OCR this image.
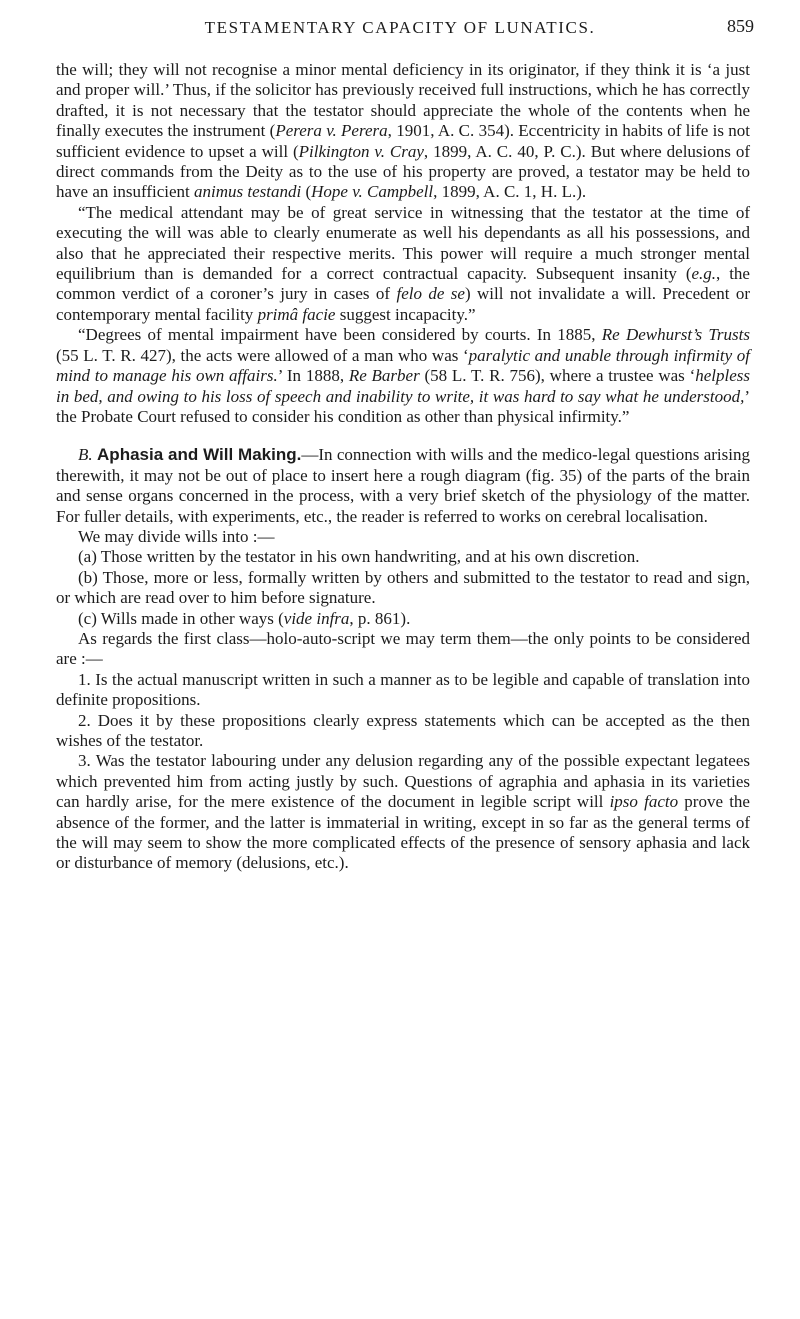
TESTAMENTARY CAPACITY OF LUNATICS.	859

the will; they will not recognise a minor mental deficiency in its originator, if they think it is ‘a just and proper will.’ Thus, if the solicitor has previously received full instructions, which he has correctly drafted, it is not necessary that the testator should appreciate the whole of the contents when he finally executes the instrument (Perera v. Perera, 1901, A. C. 354). Eccentricity in habits of life is not sufficient evidence to upset a will (Pilkington v. Cray, 1899, A. C. 40, P. C.). But where delusions of direct commands from the Deity as to the use of his property are proved, a testator may be held to have an insufficient animus testandi (Hope v. Campbell, 1899, A. C. 1, H. L.).

“The medical attendant may be of great service in witnessing that the testator at the time of executing the will was able to clearly enumerate as well his dependants as all his possessions, and also that he appreciated their respective merits. This power will require a much stronger mental equilibrium than is demanded for a correct contractual capacity. Subsequent insanity (e.g., the common verdict of a coroner’s jury in cases of felo de se) will not invalidate a will. Precedent or contemporary mental facility primâ facie suggest incapacity.”

“Degrees of mental impairment have been considered by courts. In 1885, Re Dewhurst’s Trusts (55 L. T. R. 427), the acts were allowed of a man who was ‘paralytic and unable through infirmity of mind to manage his own affairs.’ In 1888, Re Barber (58 L. T. R. 756), where a trustee was ‘helpless in bed, and owing to his loss of speech and inability to write, it was hard to say what he understood,’ the Probate Court refused to consider his condition as other than physical infirmity.”

B. Aphasia and Will Making.—In connection with wills and the medico-legal questions arising therewith, it may not be out of place to insert here a rough diagram (fig. 35) of the parts of the brain and sense organs concerned in the process, with a very brief sketch of the physiology of the matter. For fuller details, with experiments, etc., the reader is referred to works on cerebral localisation.

We may divide wills into :—

(a) Those written by the testator in his own handwriting, and at his own discretion.

(b) Those, more or less, formally written by others and submitted to the testator to read and sign, or which are read over to him before signature.

(c) Wills made in other ways (vide infra, p. 861).

As regards the first class—holo-auto-script we may term them—the only points to be considered are :—

1. Is the actual manuscript written in such a manner as to be legible and capable of translation into definite propositions.

2. Does it by these propositions clearly express statements which can be accepted as the then wishes of the testator.

3. Was the testator labouring under any delusion regarding any of the possible expectant legatees which prevented him from acting justly by such. Questions of agraphia and aphasia in its varieties can hardly arise, for the mere existence of the document in legible script will ipso facto prove the absence of the former, and the latter is immaterial in writing, except in so far as the general terms of the will may seem to show the more complicated effects of the presence of sensory aphasia and lack or disturbance of memory (delusions, etc.).
